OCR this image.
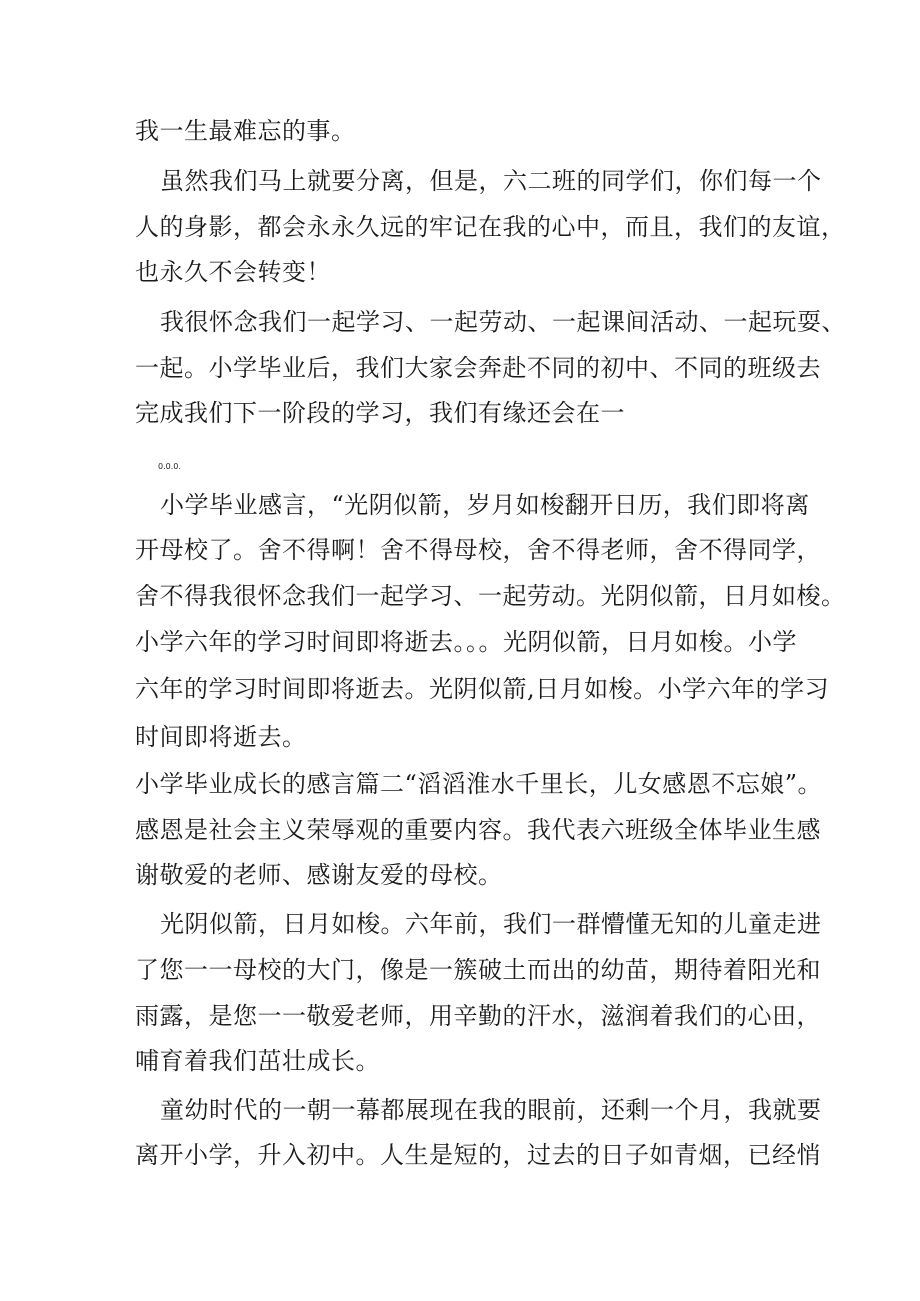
我一生最难忘的事。
虽然我们马上就要分离，但是，六二班的同学们，你们每一个
人的身影，都会永永久远的牢记在我的心中，而且，我们的友谊，
也永久不会转变！
我很怀念我们一起学习、一起劳动、一起课间活动、一起玩耍、
一起。小学毕业后，我们大家会奔赴不同的初中、不同的班级去
完成我们下一阶段的学习，我们有缘还会在一
0.0.0.
小学毕业感言，“光阴似箭，岁月如梭翻开日历，我们即将离
开母校了。舍不得啊！舍不得母校，舍不得老师，舍不得同学，
舍不得我很怀念我们一起学习、一起劳动。光阴似箭，日月如梭。
小学六年的学习时间即将逝去。。。光阴似箭，日月如梭。小学
六年的学习时间即将逝去。光阴似箭,日月如梭。小学六年的学习
时间即将逝去。
小学毕业成长的感言篇二“滔滔淮水千里长，儿女感恩不忘娘”。
感恩是社会主义荣辱观的重要内容。我代表六班级全体毕业生感
谢敬爱的老师、感谢友爱的母校。
光阴似箭，日月如梭。六年前，我们一群懵懂无知的儿童走进
了您一一母校的大门，像是一簇破土而出的幼苗，期待着阳光和
雨露，是您一一敬爱老师，用辛勤的汗水，滋润着我们的心田，
哺育着我们茁壮成长。
童幼时代的一朝一幕都展现在我的眼前，还剩一个月，我就要
离开小学，升入初中。人生是短的，过去的日子如青烟，已经悄
